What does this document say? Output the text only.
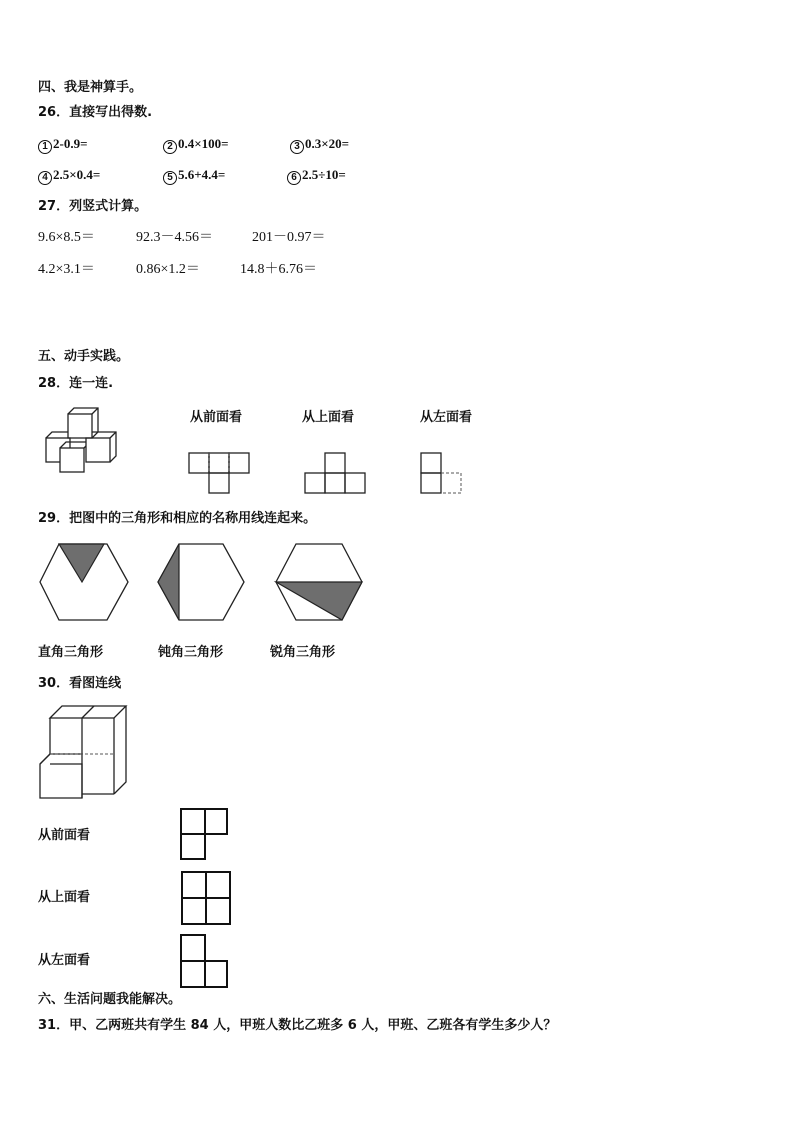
四、我是神算手。
26．直接写出得数.
1 2-0.9=	2 0.4×100=	3 0.3×20=
4 2.5×0.4=	5 5.6+4.4=	6 2.5÷10=
27．列竖式计算。
9.6×8.5＝	92.3－4.56＝	201－0.97＝
4.2×3.1＝	0.86×1.2＝	14.8＋6.76＝
五、动手实践。
28．连一连.
从前面看	从上面看	从左面看
29．把图中的三角形和相应的名称用线连起来。
直角三角形	钝角三角形	锐角三角形
30．看图连线
从前面看
从上面看
从左面看
六、生活问题我能解决。
31．甲、乙两班共有学生 84 人，甲班人数比乙班多 6 人，甲班、乙班各有学生多少人？
